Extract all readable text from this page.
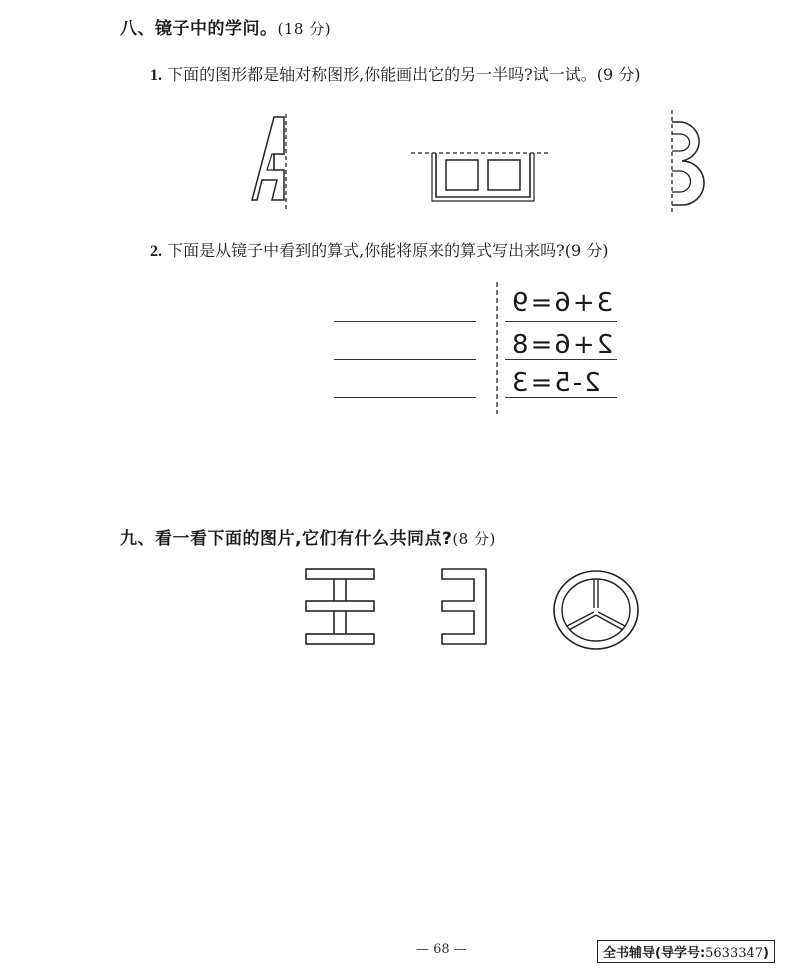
八、镜子中的学问。(18 分)
1. 下面的图形都是轴对称图形,你能画出它的另一半吗?试一试。(9 分)
2. 下面是从镜子中看到的算式,你能将原来的算式写出来吗?(9 分)
3+6=9
2+6=8
2-5=3
九、看一看下面的图片,它们有什么共同点?(8 分)
— 68 —	全书辅导(导学号:5633347)
